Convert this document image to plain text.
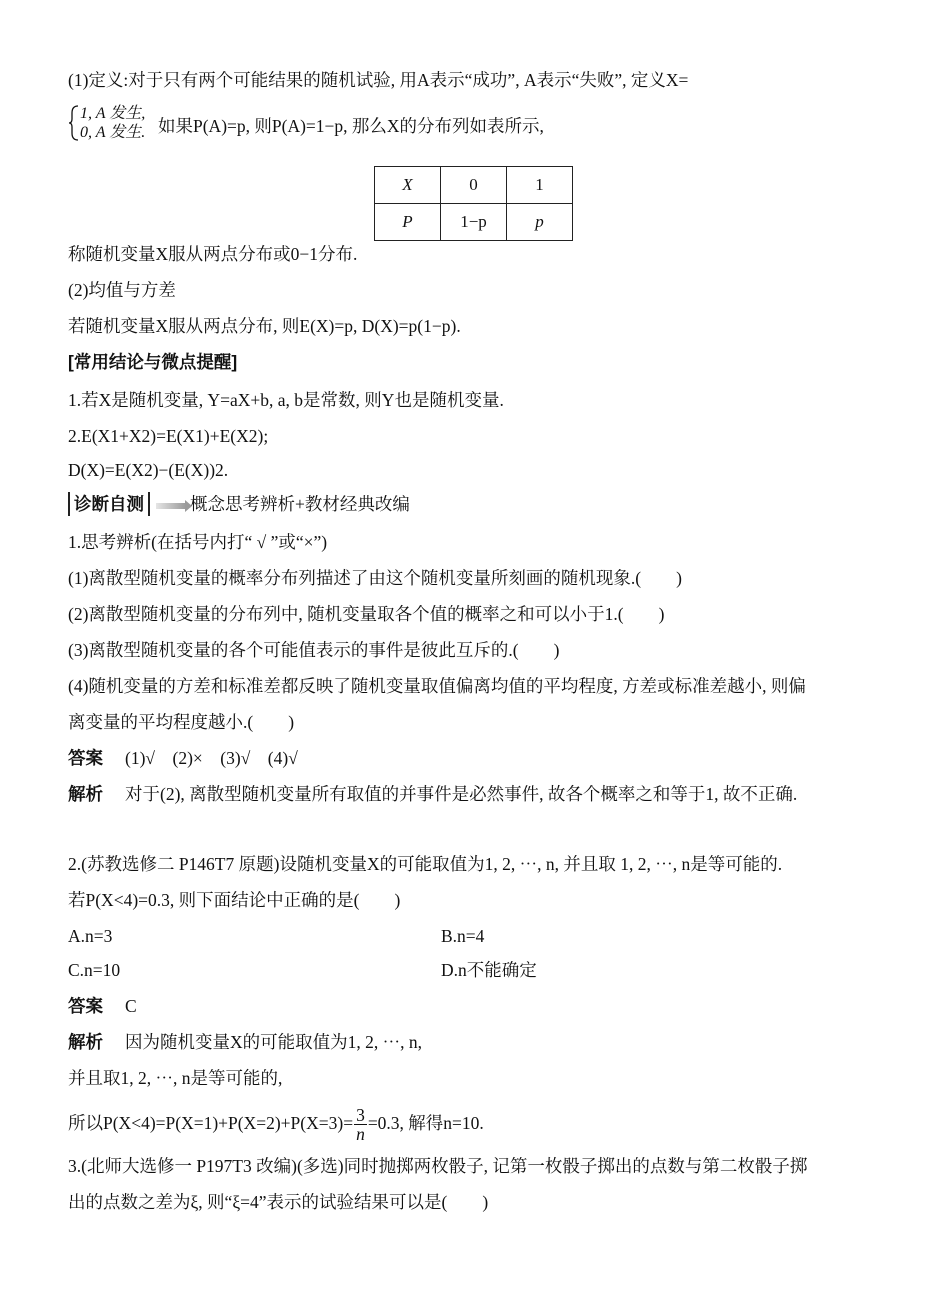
(1)定义:对于只有两个可能结果的随机试验, 用A表示“成功”, A表示“失败”, 定义X=
1, A 发生,
0, A 发生. 如果P(A)=p, 则P(A)=1−p, 那么X的分布列如表所示,
X	0	1
P	1−p	p
称随机变量X服从两点分布或0−1分布.
(2)均值与方差
若随机变量X服从两点分布, 则E(X)=p, D(X)=p(1−p).
[常用结论与微点提醒]
1.若X是随机变量, Y=aX+b, a, b是常数, 则Y也是随机变量.
2.E(X1+X2)=E(X1)+E(X2);
D(X)=E(X2)−(E(X))2.
诊断自测	概念思考辨析+教材经典改编
1.思考辨析(在括号内打“ √ ”或“×”)
(1)离散型随机变量的概率分布列描述了由这个随机变量所刻画的随机现象.(　　)
(2)离散型随机变量的分布列中, 随机变量取各个值的概率之和可以小于1.(　　)
(3)离散型随机变量的各个可能值表示的事件是彼此互斥的.(　　)
(4)随机变量的方差和标准差都反映了随机变量取值偏离均值的平均程度, 方差或标准差越小, 则偏
离变量的平均程度越小.(　　)
答案 (1)√　(2)×　(3)√　(4)√
解析 对于(2), 离散型随机变量所有取值的并事件是必然事件, 故各个概率之和等于1, 故不正确.
2.(苏教选修二 P146T7 原题)设随机变量X的可能取值为1, 2, ⋯, n, 并且取 1, 2, ⋯, n是等可能的.
若P(X<4)=0.3, 则下面结论中正确的是(　　)
A.n=3	B.n=4
C.n=10	D.n不能确定
答案 C
解析 因为随机变量X的可能取值为1, 2, ⋯, n,
并且取1, 2, ⋯, n是等可能的,
所以$P(X<4)=P(X=1)+P(X=2)+P(X=3)= \frac{3}{n} =0.3$, 解得n=10.
3.(北师大选修一 P197T3 改编)(多选)同时抛掷两枚骰子, 记第一枚骰子掷出的点数与第二枚骰子掷
出的点数之差为ξ, 则“ξ=4”表示的试验结果可以是(　　)
